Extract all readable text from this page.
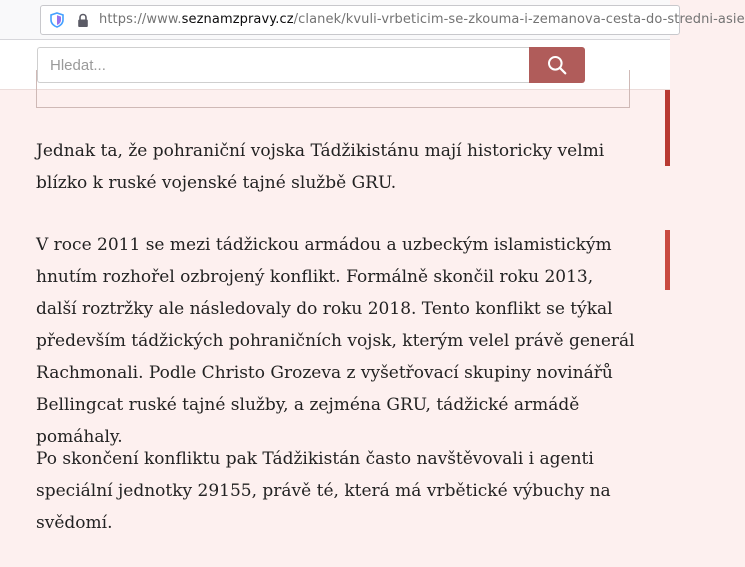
https://www.seznamzpravy.cz/clanek/kvuli-vrbeticim-se-zkouma-i-zemanova-cesta-do-stredni-asie
Hledat...

Jednak ta, že pohraniční vojska Tádžikistánu mají historicky velmi blízko k ruské vojenské tajné službě GRU.

V roce 2011 se mezi tádžickou armádou a uzbeckým islamistickým hnutím rozhořel ozbrojený konflikt. Formálně skončil roku 2013, další roztržky ale následovaly do roku 2018. Tento konflikt se týkal především tádžických pohraničních vojsk, kterým velel právě generál Rachmonali. Podle Christo Grozeva z vyšetřovací skupiny novinářů Bellingcat ruské tajné služby, a zejména GRU, tádžické armádě pomáhaly.

Po skončení konfliktu pak Tádžikistán často navštěvovali i agenti speciální jednotky 29155, právě té, která má vrbětické výbuchy na svědomí.
